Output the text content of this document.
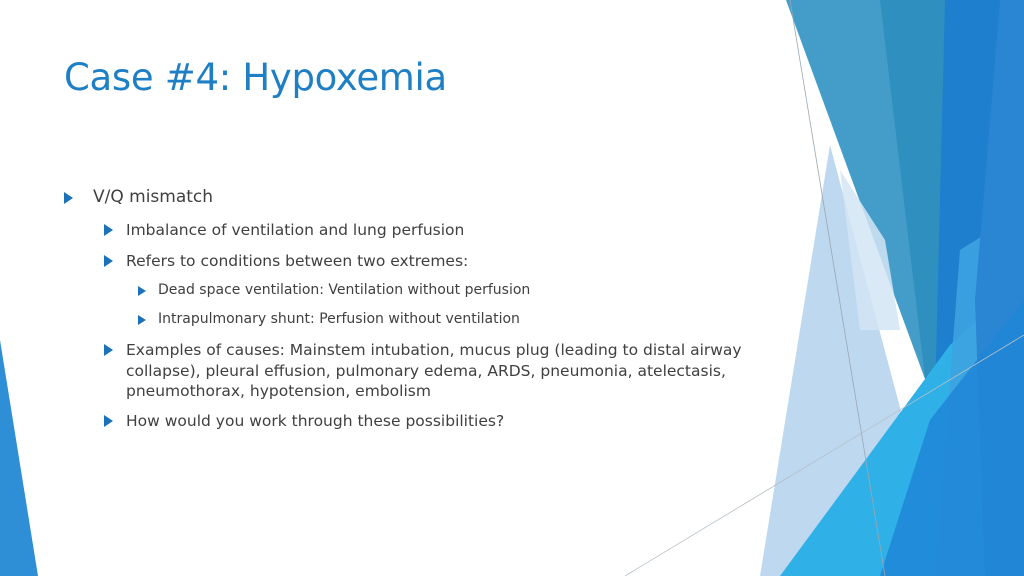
Case #4: Hypoxemia
V/Q mismatch
Imbalance of ventilation and lung perfusion
Refers to conditions between two extremes:
Dead space ventilation: Ventilation without perfusion
Intrapulmonary shunt: Perfusion without ventilation
Examples of causes: Mainstem intubation, mucus plug (leading to distal airway collapse), pleural effusion, pulmonary edema, ARDS, pneumonia, atelectasis, pneumothorax, hypotension, embolism
How would you work through these possibilities?
